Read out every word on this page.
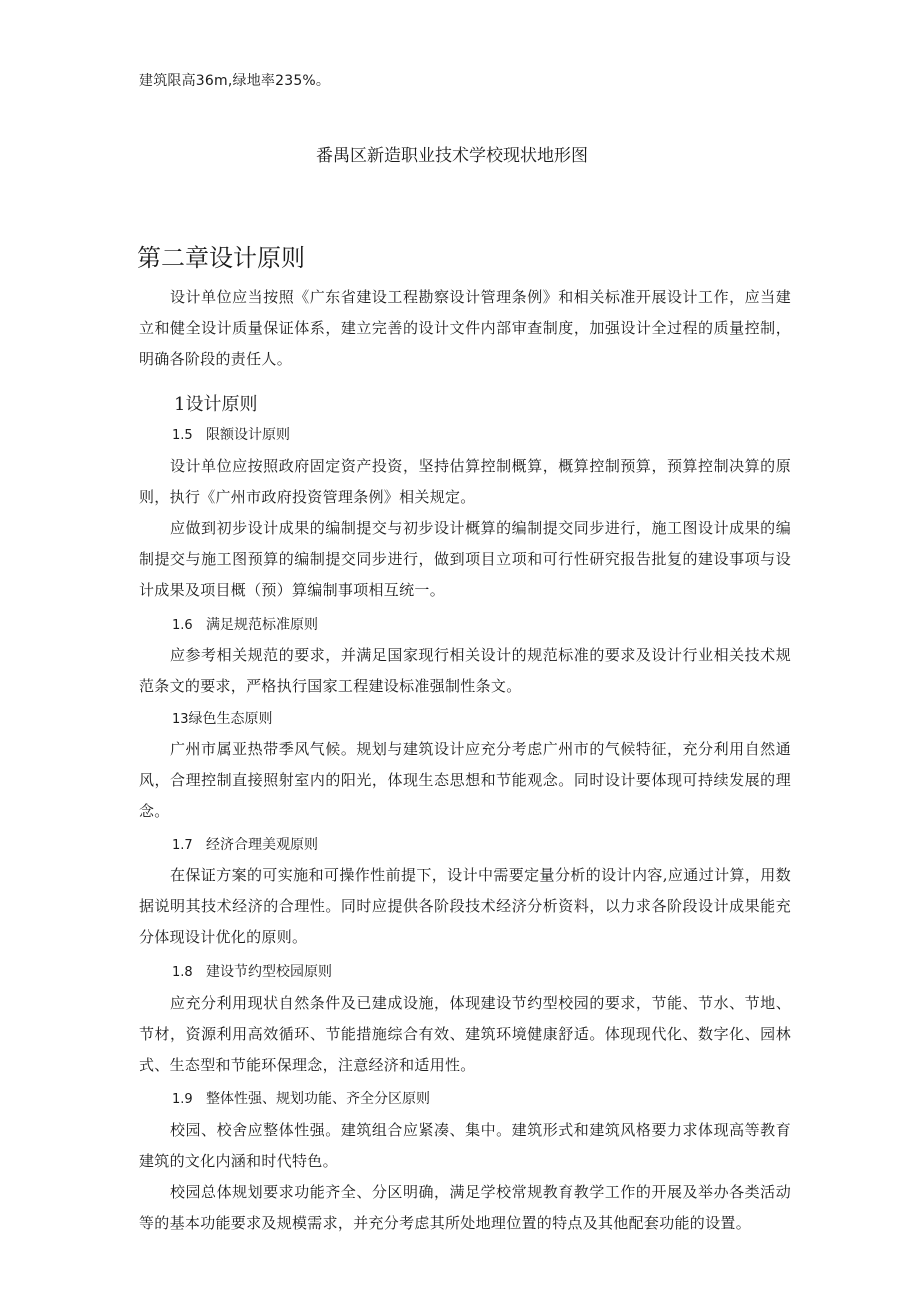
建筑限高36m,绿地率235%。

番禺区新造职业技术学校现状地形图

第二章设计原则

设计单位应当按照《广东省建设工程勘察设计管理条例》和相关标准开展设计工作，应当建立和健全设计质量保证体系，建立完善的设计文件内部审查制度，加强设计全过程的质量控制，明确各阶段的责任人。

1设计原则
1.5 限额设计原则

设计单位应按照政府固定资产投资，坚持估算控制概算，概算控制预算，预算控制决算的原则，执行《广州市政府投资管理条例》相关规定。

应做到初步设计成果的编制提交与初步设计概算的编制提交同步进行，施工图设计成果的编制提交与施工图预算的编制提交同步进行，做到项目立项和可行性研究报告批复的建设事项与设计成果及项目概（预）算编制事项相互统一。

1.6 满足规范标准原则

应参考相关规范的要求，并满足国家现行相关设计的规范标准的要求及设计行业相关技术规范条文的要求，严格执行国家工程建设标准强制性条文。

13绿色生态原则

广州市属亚热带季风气候。规划与建筑设计应充分考虑广州市的气候特征，充分利用自然通风，合理控制直接照射室内的阳光，体现生态思想和节能观念。同时设计要体现可持续发展的理念。

1.7 经济合理美观原则

在保证方案的可实施和可操作性前提下，设计中需要定量分析的设计内容,应通过计算，用数据说明其技术经济的合理性。同时应提供各阶段技术经济分析资料，以力求各阶段设计成果能充分体现设计优化的原则。

1.8 建设节约型校园原则

应充分利用现状自然条件及已建成设施，体现建设节约型校园的要求，节能、节水、节地、节材，资源利用高效循环、节能措施综合有效、建筑环境健康舒适。体现现代化、数字化、园林式、生态型和节能环保理念，注意经济和适用性。

1.9 整体性强、规划功能、齐全分区原则

校园、校舍应整体性强。建筑组合应紧凑、集中。建筑形式和建筑风格要力求体现高等教育建筑的文化内涵和时代特色。

校园总体规划要求功能齐全、分区明确，满足学校常规教育教学工作的开展及举办各类活动等的基本功能要求及规模需求，并充分考虑其所处地理位置的特点及其他配套功能的设置。
